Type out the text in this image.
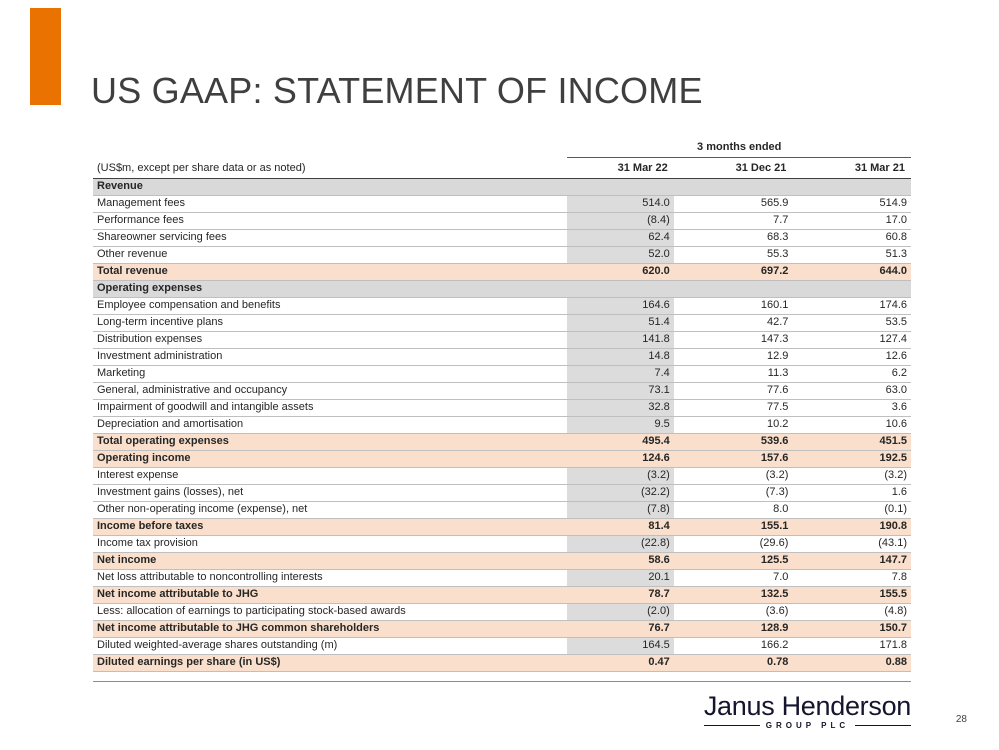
US GAAP: STATEMENT OF INCOME
	3 months ended		
(US$m, except per share data or as noted)	31 Mar 22	31 Dec 21	31 Mar 21
Revenue			
Management fees	514.0	565.9	514.9
Performance fees	(8.4)	7.7	17.0
Shareowner servicing fees	62.4	68.3	60.8
Other revenue	52.0	55.3	51.3
Total revenue	620.0	697.2	644.0
Operating expenses			
Employee compensation and benefits	164.6	160.1	174.6
Long-term incentive plans	51.4	42.7	53.5
Distribution expenses	141.8	147.3	127.4
Investment administration	14.8	12.9	12.6
Marketing	7.4	11.3	6.2
General, administrative and occupancy	73.1	77.6	63.0
Impairment of goodwill and intangible assets	32.8	77.5	3.6
Depreciation and amortisation	9.5	10.2	10.6
Total operating expenses	495.4	539.6	451.5
Operating income	124.6	157.6	192.5
Interest expense	(3.2)	(3.2)	(3.2)
Investment gains (losses), net	(32.2)	(7.3)	1.6
Other non-operating income (expense), net	(7.8)	8.0	(0.1)
Income before taxes	81.4	155.1	190.8
Income tax provision	(22.8)	(29.6)	(43.1)
Net income	58.6	125.5	147.7
Net loss attributable to noncontrolling interests	20.1	7.0	7.8
Net income attributable to JHG	78.7	132.5	155.5
Less: allocation of earnings to participating stock-based awards	(2.0)	(3.6)	(4.8)
Net income attributable to JHG common shareholders	76.7	128.9	150.7
Diluted weighted-average shares outstanding (m)	164.5	166.2	171.8
Diluted earnings per share (in US$)	0.47	0.78	0.88
Janus Henderson
GROUP PLC
28
